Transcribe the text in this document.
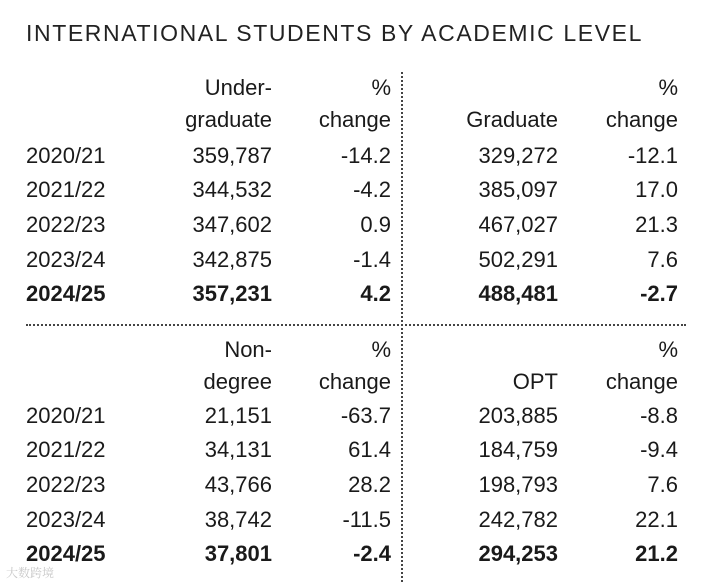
INTERNATIONAL STUDENTS BY ACADEMIC LEVEL
Under-
graduate
%
change
2020/21	359,787	-14.2
2021/22	344,532	-4.2
2022/23	347,602	0.9
2023/24	342,875	-1.4
2024/25	357,231	4.2
Graduate
%
change
329,272	-12.1
385,097	17.0
467,027	21.3
502,291	7.6
488,481	-2.7
Non-
degree
%
change
2020/21	21,151	-63.7
2021/22	34,131	61.4
2022/23	43,766	28.2
2023/24	38,742	-11.5
2024/25	37,801	-2.4
OPT
%
change
203,885	-8.8
184,759	-9.4
198,793	7.6
242,782	22.1
294,253	21.2
大数跨境
